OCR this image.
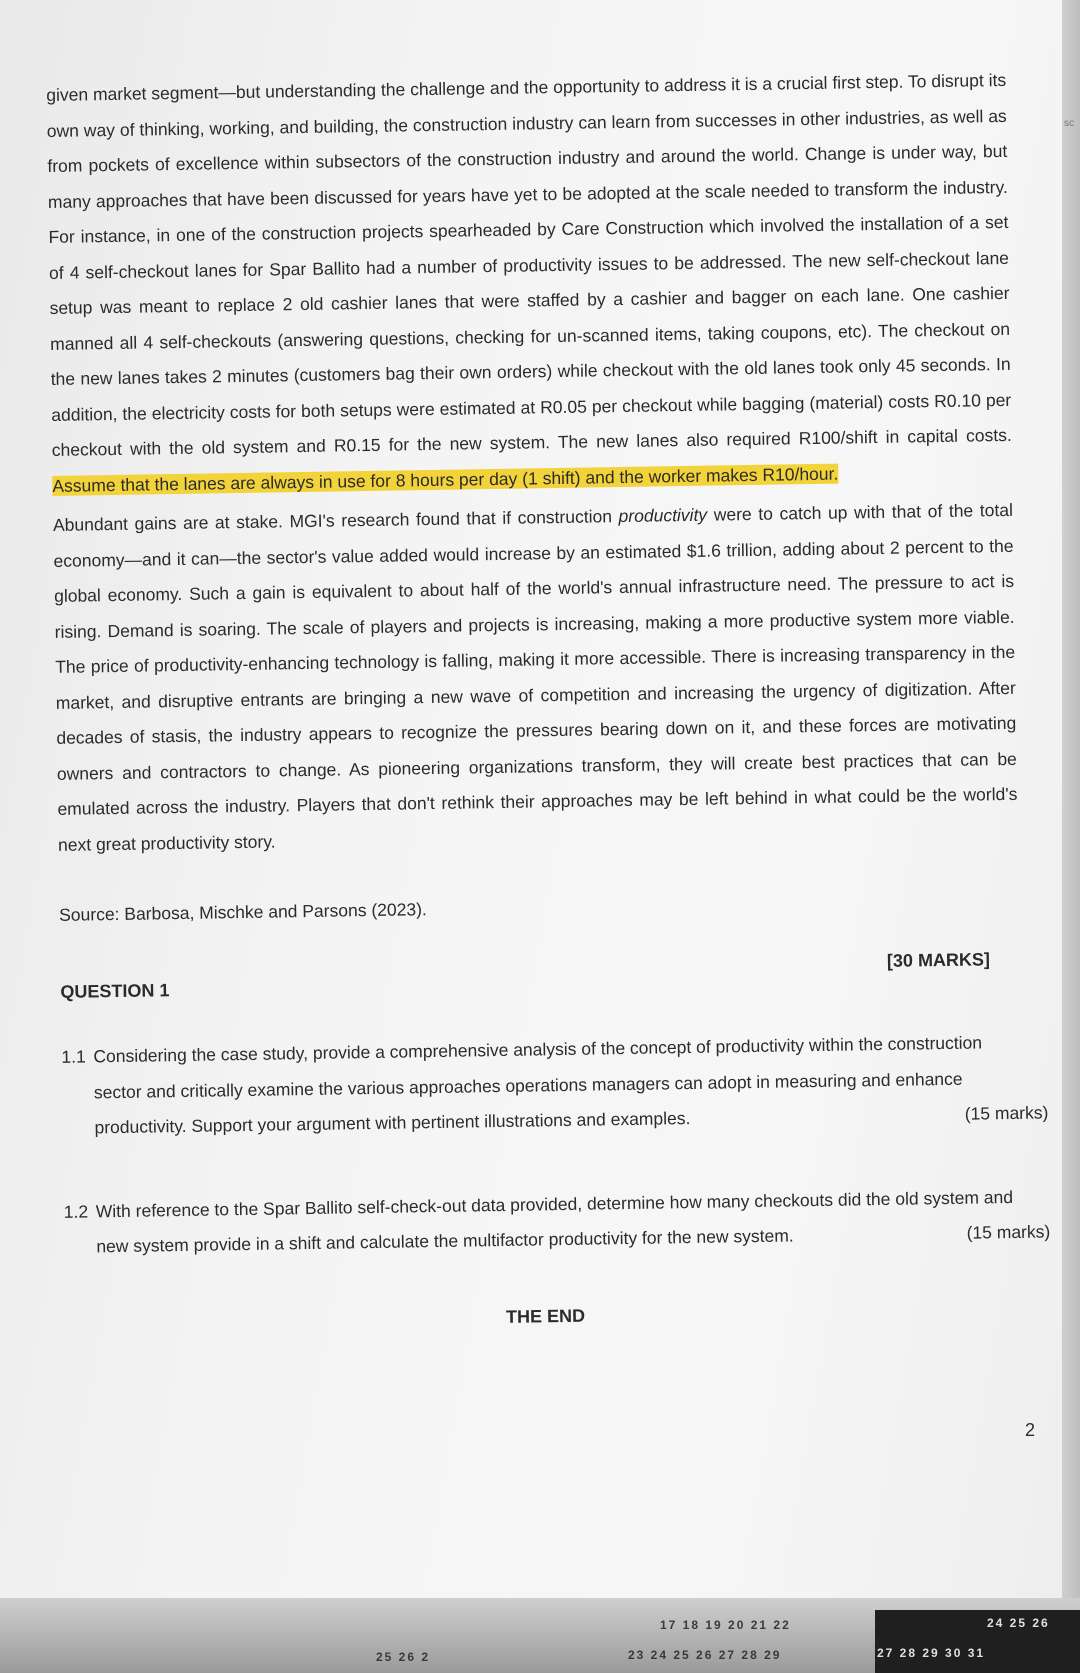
given market segment—but understanding the challenge and the opportunity to address it is a crucial first step. To disrupt its own way of thinking, working, and building, the construction industry can learn from successes in other industries, as well as from pockets of excellence within subsectors of the construction industry and around the world. Change is under way, but many approaches that have been discussed for years have yet to be adopted at the scale needed to transform the industry. For instance, in one of the construction projects spearheaded by Care Construction which involved the installation of a set of 4 self-checkout lanes for Spar Ballito had a number of productivity issues to be addressed. The new self-checkout lane setup was meant to replace 2 old cashier lanes that were staffed by a cashier and bagger on each lane. One cashier manned all 4 self-checkouts (answering questions, checking for un-scanned items, taking coupons, etc). The checkout on the new lanes takes 2 minutes (customers bag their own orders) while checkout with the old lanes took only 45 seconds. In addition, the electricity costs for both setups were estimated at R0.05 per checkout while bagging (material) costs R0.10 per checkout with the old system and R0.15 for the new system. The new lanes also required R100/shift in capital costs. Assume that the lanes are always in use for 8 hours per day (1 shift) and the worker makes R10/hour.

Abundant gains are at stake. MGI's research found that if construction productivity were to catch up with that of the total economy—and it can—the sector's value added would increase by an estimated $1.6 trillion, adding about 2 percent to the global economy. Such a gain is equivalent to about half of the world's annual infrastructure need. The pressure to act is rising. Demand is soaring. The scale of players and projects is increasing, making a more productive system more viable. The price of productivity-enhancing technology is falling, making it more accessible. There is increasing transparency in the market, and disruptive entrants are bringing a new wave of competition and increasing the urgency of digitization. After decades of stasis, the industry appears to recognize the pressures bearing down on it, and these forces are motivating owners and contractors to change. As pioneering organizations transform, they will create best practices that can be emulated across the industry. Players that don't rethink their approaches may be left behind in what could be the world's next great productivity story.

Source: Barbosa, Mischke and Parsons (2023).
QUESTION 1
[30 MARKS]
1.1 Considering the case study, provide a comprehensive analysis of the concept of productivity within the construction sector and critically examine the various approaches operations managers can adopt in measuring and enhance productivity. Support your argument with pertinent illustrations and examples.	(15 marks)
1.2 With reference to the Spar Ballito self-check-out data provided, determine how many checkouts did the old system and new system provide in a shift and calculate the multifactor productivity for the new system.	(15 marks)
THE END
2
sc
25 26 2
17 18 19 20 21 22
23 24 25 26 27 28 29
24 25 26
27 28 29 30 31
